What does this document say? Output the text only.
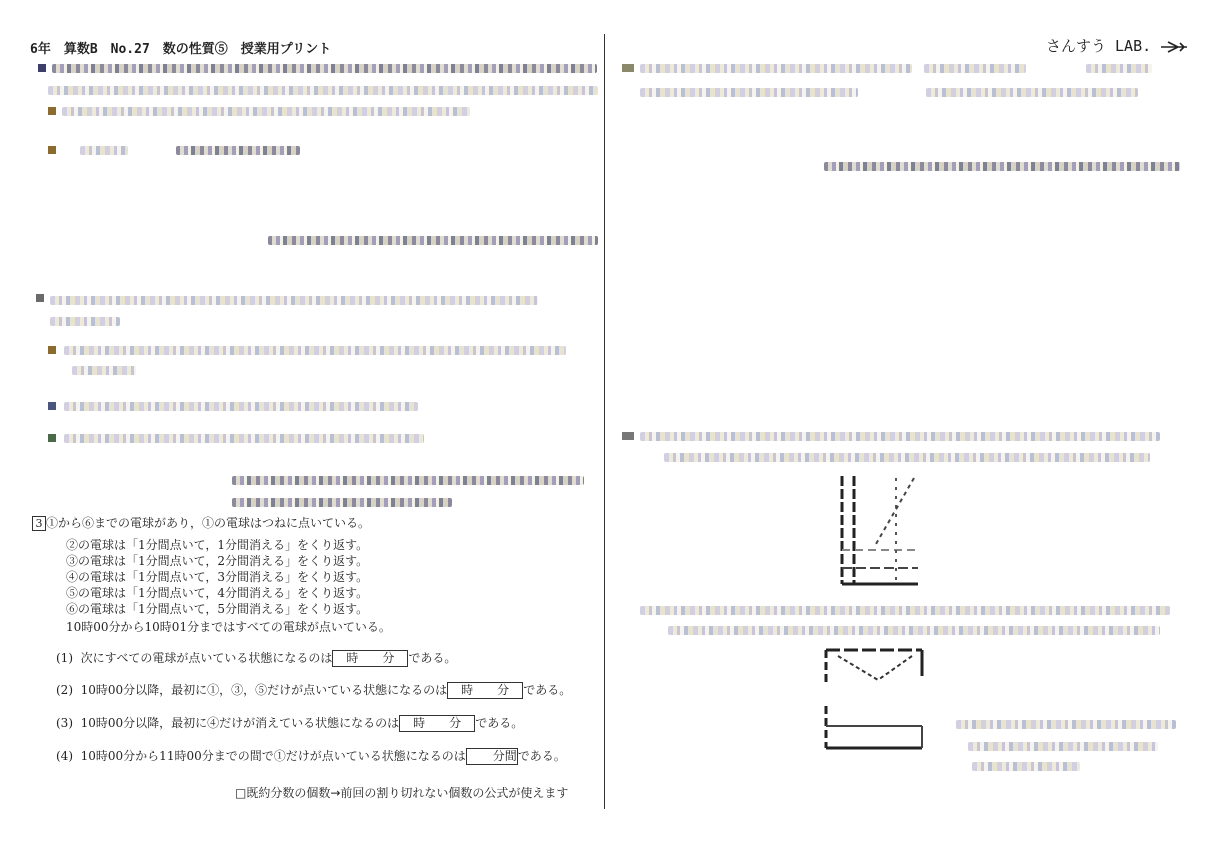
6年　算数B　No.27　数の性質⑤　授業用プリント	さんすう LAB.
3 ①から⑥までの電球があり，①の電球はつねに点いている。
②の電球は「1分間点いて，1分間消える」をくり返す。
③の電球は「1分間点いて，2分間消える」をくり返す。
④の電球は「1分間点いて，3分間消える」をくり返す。
⑤の電球は「1分間点いて，4分間消える」をくり返す。
⑥の電球は「1分間点いて，5分間消える」をくり返す。
10時00分から10時01分まではすべての電球が点いている。
(1) 次にすべての電球が点いている状態になるのは 時　　分 である。
(2) 10時00分以降，最初に①，③，⑤だけが点いている状態になるのは 時　　分 である。
(3) 10時00分以降，最初に④だけが消えている状態になるのは 時　　分 である。
(4) 10時00分から11時00分までの間で①だけが点いている状態になるのは 分間である。
□既約分数の個数→前回の割り切れない個数の公式が使えます
